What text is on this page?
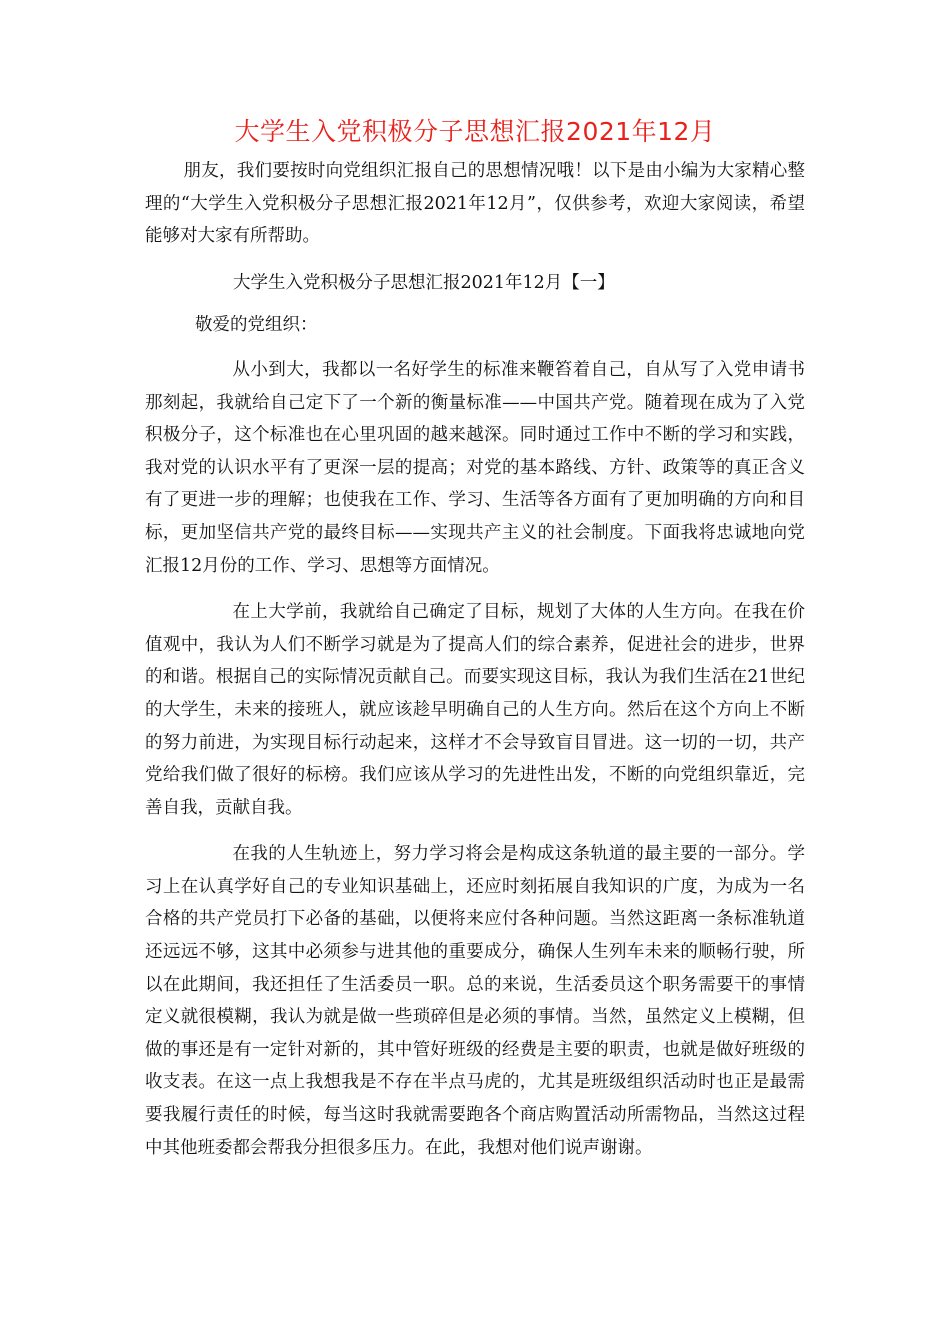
大学生入党积极分子思想汇报2021年12月

朋友，我们要按时向党组织汇报自己的思想情况哦！以下是由小编为大家精心整理的“大学生入党积极分子思想汇报2021年12月”，仅供参考，欢迎大家阅读，希望能够对大家有所帮助。

大学生入党积极分子思想汇报2021年12月【一】

敬爱的党组织：

从小到大，我都以一名好学生的标准来鞭笞着自己，自从写了入党申请书那刻起，我就给自己定下了一个新的衡量标准——中国共产党。随着现在成为了入党积极分子，这个标准也在心里巩固的越来越深。同时通过工作中不断的学习和实践，我对党的认识水平有了更深一层的提高；对党的基本路线、方针、政策等的真正含义有了更进一步的理解；也使我在工作、学习、生活等各方面有了更加明确的方向和目标，更加坚信共产党的最终目标——实现共产主义的社会制度。下面我将忠诚地向党汇报12月份的工作、学习、思想等方面情况。

在上大学前，我就给自己确定了目标，规划了大体的人生方向。在我在价值观中，我认为人们不断学习就是为了提高人们的综合素养，促进社会的进步，世界的和谐。根据自己的实际情况贡献自己。而要实现这目标，我认为我们生活在21世纪的大学生，未来的接班人，就应该趁早明确自己的人生方向。然后在这个方向上不断的努力前进，为实现目标行动起来，这样才不会导致盲目冒进。这一切的一切，共产党给我们做了很好的标榜。我们应该从学习的先进性出发，不断的向党组织靠近，完善自我，贡献自我。

在我的人生轨迹上，努力学习将会是构成这条轨道的最主要的一部分。学习上在认真学好自己的专业知识基础上，还应时刻拓展自我知识的广度，为成为一名合格的共产党员打下必备的基础，以便将来应付各种问题。当然这距离一条标准轨道还远远不够，这其中必须参与进其他的重要成分，确保人生列车未来的顺畅行驶，所以在此期间，我还担任了生活委员一职。总的来说，生活委员这个职务需要干的事情定义就很模糊，我认为就是做一些琐碎但是必须的事情。当然，虽然定义上模糊，但做的事还是有一定针对新的，其中管好班级的经费是主要的职责，也就是做好班级的收支表。在这一点上我想我是不存在半点马虎的，尤其是班级组织活动时也正是最需要我履行责任的时候，每当这时我就需要跑各个商店购置活动所需物品，当然这过程中其他班委都会帮我分担很多压力。在此，我想对他们说声谢谢。
